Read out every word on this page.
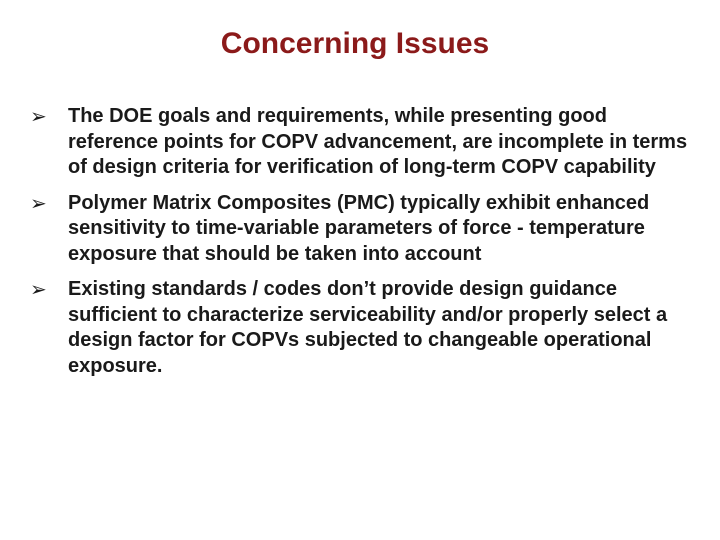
Concerning Issues
➢	The DOE goals and requirements, while presenting good reference points for COPV advancement, are incomplete in terms of design criteria for verification of long-term COPV capability
➢	Polymer Matrix Composites (PMC) typically exhibit enhanced sensitivity to time-variable parameters of force - temperature exposure that should be taken into account
➢	Existing standards / codes don’t provide design guidance sufficient to characterize serviceability and/or properly select a design factor for COPVs subjected to changeable operational exposure.
